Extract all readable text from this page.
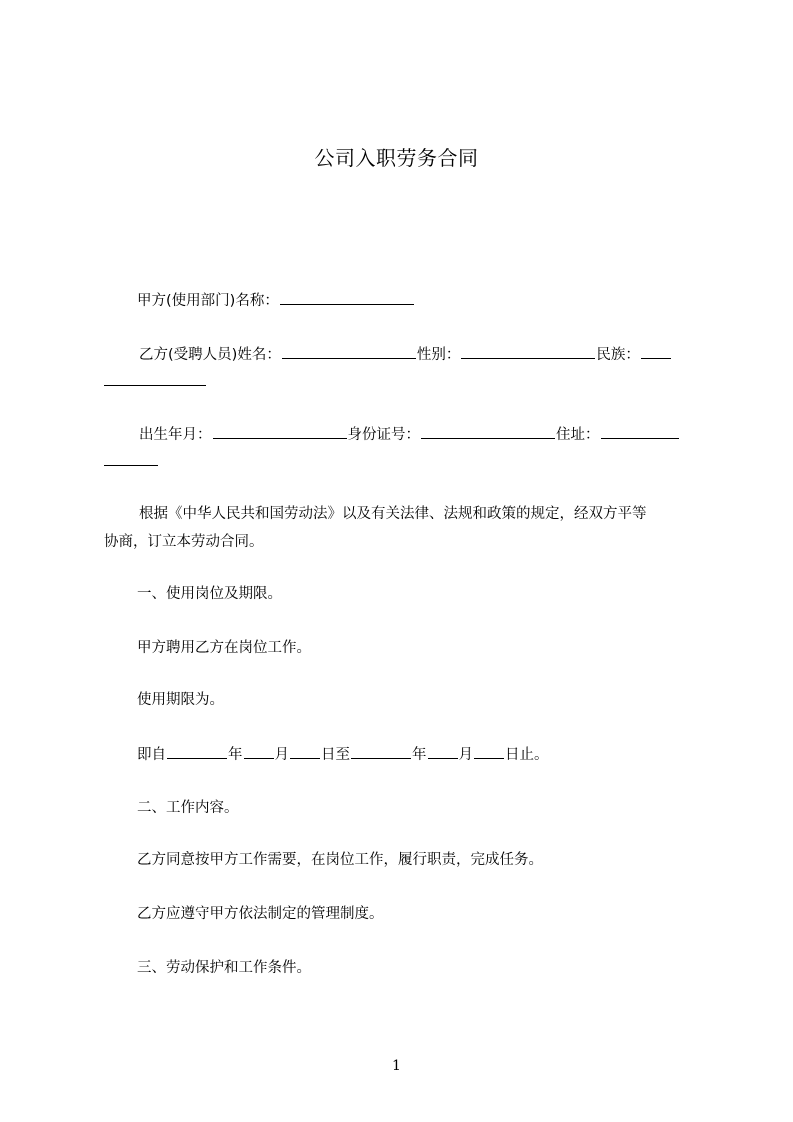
公司入职劳务合同
甲方(使用部门)名称：
乙方(受聘人员)姓名：	性别：	民族：
出生年月：	身份证号：	住址：
根据《中华人民共和国劳动法》以及有关法律、法规和政策的规定，经双方平等
协商，订立本劳动合同。
一、使用岗位及期限。
甲方聘用乙方在岗位工作。
使用期限为。
即自	年 月 日至	年 月 日止。
二、工作内容。
乙方同意按甲方工作需要，在岗位工作，履行职责，完成任务。
乙方应遵守甲方依法制定的管理制度。
三、劳动保护和工作条件。
1
